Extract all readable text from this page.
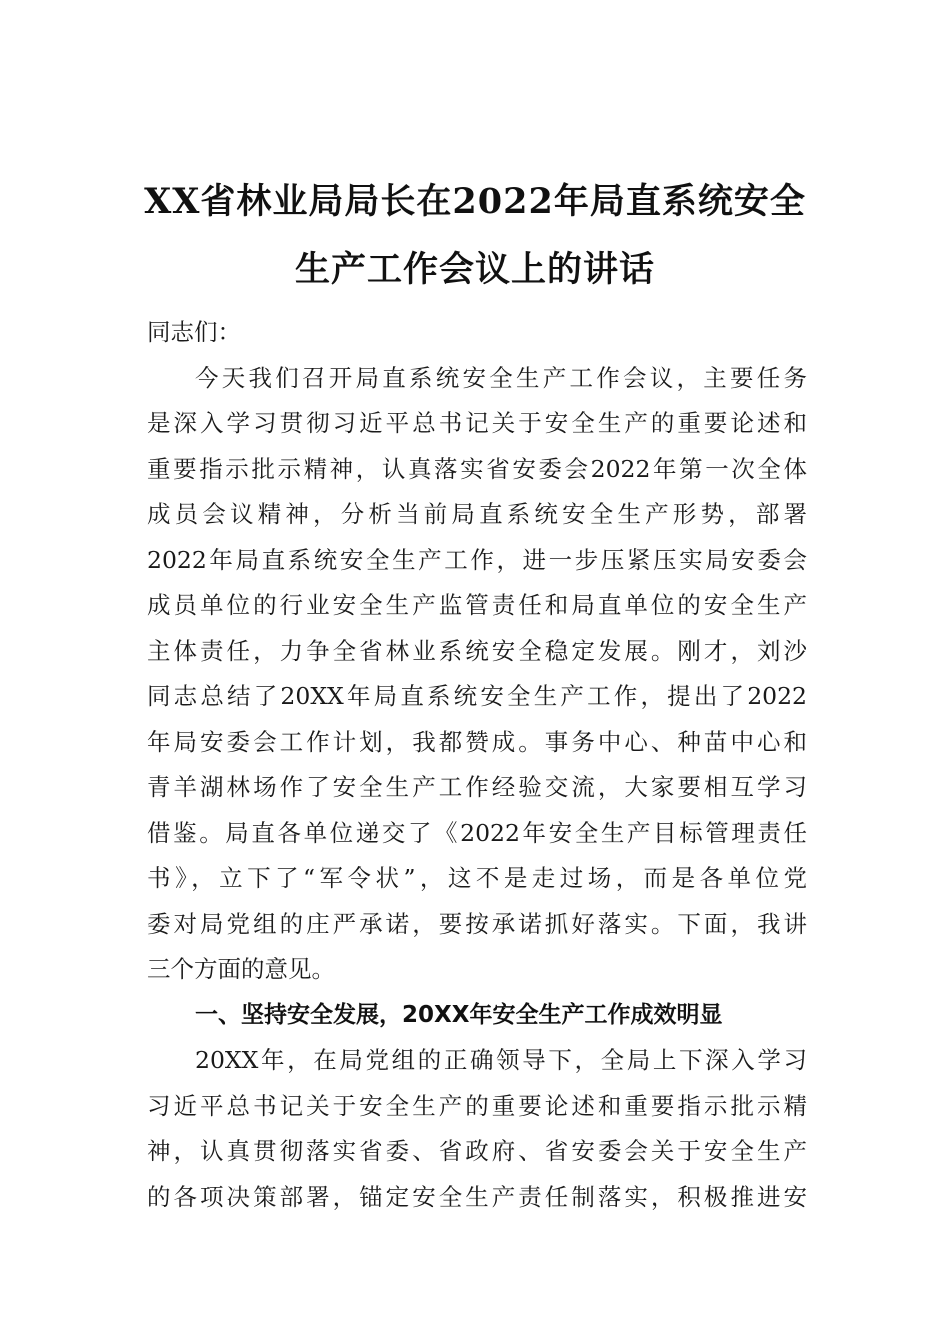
XX省林业局局长在2022年局直系统安全
生产工作会议上的讲话
同志们：
今天我们召开局直系统安全生产工作会议，主要任务
是深入学习贯彻习近平总书记关于安全生产的重要论述和
重要指示批示精神，认真落实省安委会2022年第一次全体
成员会议精神，分析当前局直系统安全生产形势，部署
2022年局直系统安全生产工作，进一步压紧压实局安委会
成员单位的行业安全生产监管责任和局直单位的安全生产
主体责任，力争全省林业系统安全稳定发展。刚才，刘沙
同志总结了20XX年局直系统安全生产工作，提出了2022
年局安委会工作计划，我都赞成。事务中心、种苗中心和
青羊湖林场作了安全生产工作经验交流，大家要相互学习
借鉴。局直各单位递交了《2022年安全生产目标管理责任
书》，立下了“军令状”，这不是走过场，而是各单位党
委对局党组的庄严承诺，要按承诺抓好落实。下面，我讲
三个方面的意见。
一、坚持安全发展，20XX年安全生产工作成效明显
20XX年，在局党组的正确领导下，全局上下深入学习
习近平总书记关于安全生产的重要论述和重要指示批示精
神，认真贯彻落实省委、省政府、省安委会关于安全生产
的各项决策部署，锚定安全生产责任制落实，积极推进安
